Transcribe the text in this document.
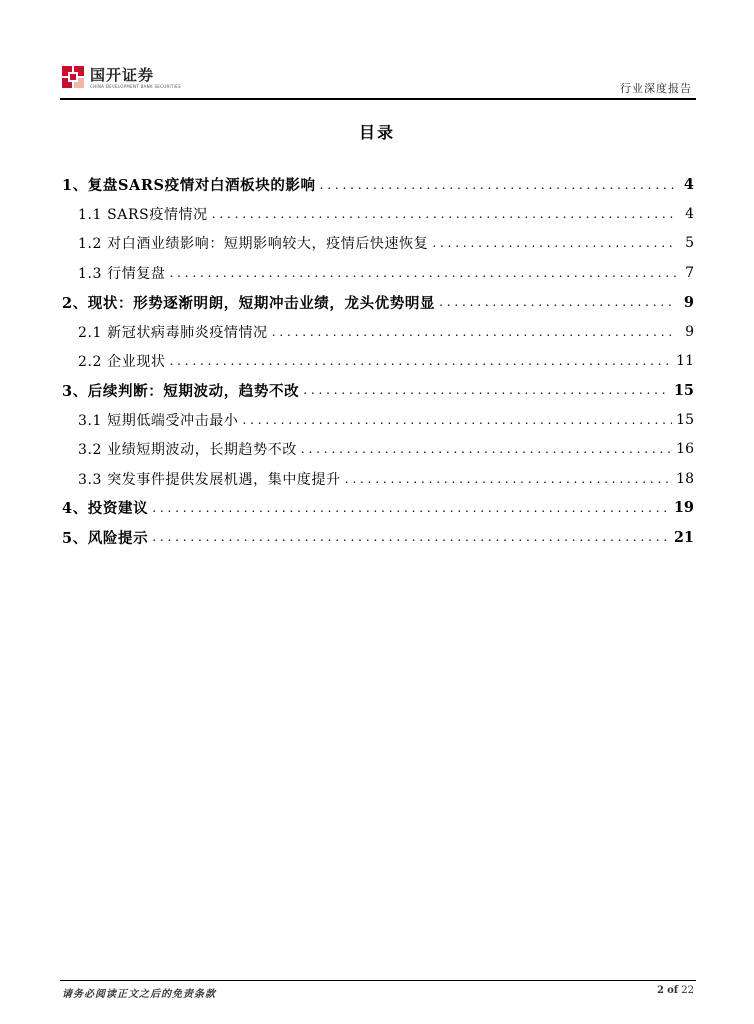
国开证券
CHINA DEVELOPMENT BANK SECURITIES	行业深度报告
目录
1、复盘SARS疫情对白酒板块的影响 . . .	4
1.1 SARS疫情情况 . . .	4
1.2 对白酒业绩影响：短期影响较大，疫情后快速恢复 . . .	5
1.3 行情复盘 . . .	7
2、现状：形势逐渐明朗，短期冲击业绩，龙头优势明显 . . .	9
2.1 新冠状病毒肺炎疫情情况 . . .	9
2.2 企业现状 . . .	11
3、后续判断：短期波动，趋势不改 . . .	15
3.1 短期低端受冲击最小 . . .	15
3.2 业绩短期波动，长期趋势不改 . . .	16
3.3 突发事件提供发展机遇，集中度提升 . . .	18
4、投资建议 . . .	19
5、风险提示 . . .	21
请务必阅读正文之后的免责条款	2 of 22
